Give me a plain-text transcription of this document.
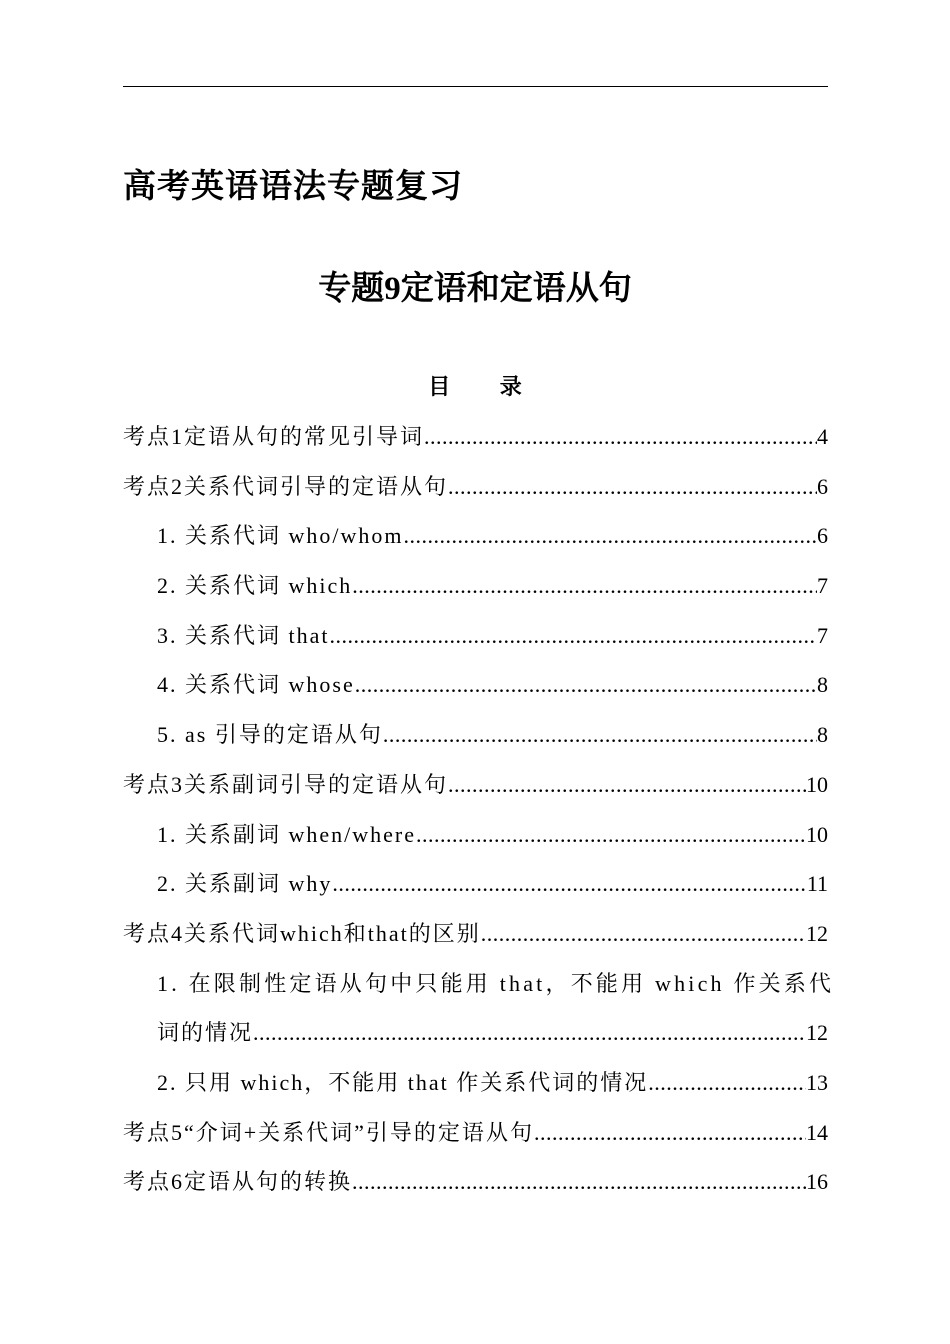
高考英语语法专题复习
专题9定语和定语从句
目 录
考点1定语从句的常见引导词 .....	4
考点2关系代词引导的定语从句 .....	6
1. 关系代词 who/whom .....	6
2. 关系代词 which .....	7
3. 关系代词 that .....	7
4. 关系代词 whose .....	8
5. as 引导的定语从句 .....	8
考点3关系副词引导的定语从句 .....	10
1. 关系副词 when/where .....	10
2. 关系副词 why .....	11
考点4关系代词which和that的区别 .....	12
1. 在限制性定语从句中只能用 that，不能用 which 作关系代
词的情况 .....	12
2. 只用 which，不能用 that 作关系代词的情况 .....	13
考点5“介词+关系代词”引导的定语从句 .....	14
考点6定语从句的转换 .....	16
